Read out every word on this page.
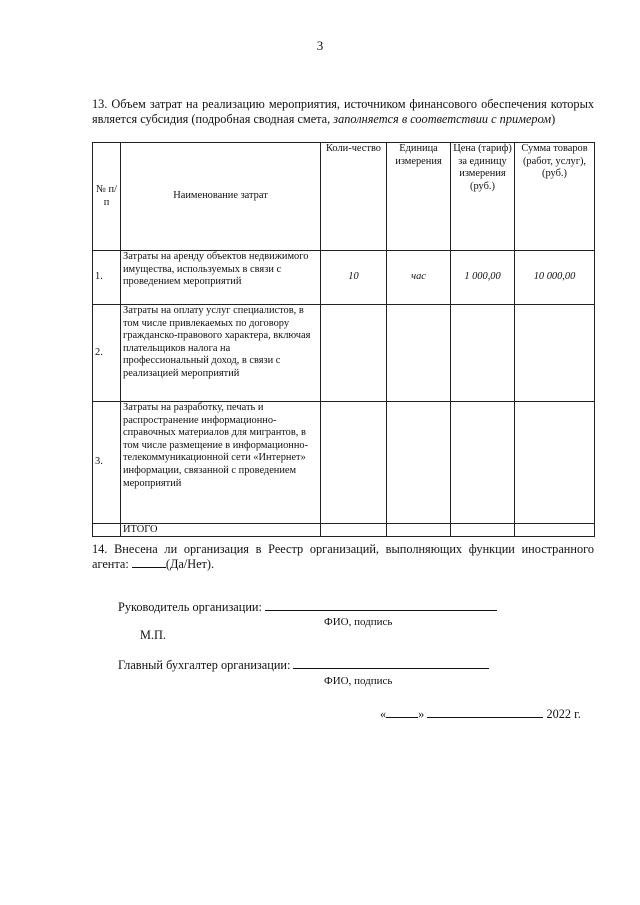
3
13. Объем затрат на реализацию мероприятия, источником финансового обеспечения которых является субсидия (подробная сводная смета, заполняется в соответствии с примером)
№ п/п	Наименование затрат	Коли-чество	Единица измерения	Цена (тариф) за единицу измерения (руб.)	Сумма товаров (работ, услуг), (руб.)
1.	Затраты на аренду объектов недвижимого имущества, используемых в связи с проведением мероприятий	10	час	1 000,00	10 000,00
2.	Затраты на оплату услуг специалистов, в том числе привлекаемых по договору гражданско-правового характера, включая плательщиков налога на профессиональный доход, в связи с реализацией мероприятий				
3.	Затраты на разработку, печать и распространение информационно-справочных материалов для мигрантов, в том числе размещение в информационно-телекоммуникационной сети «Интернет» информации, связанной с проведением мероприятий				
	ИТОГО				
14. Внесена ли организация в Реестр организаций, выполняющих функции иностранного агента:	(Да/Нет).
Руководитель организации:
ФИО, подпись
М.П.
Главный бухгалтер организации:
ФИО, подпись
«	»	2022 г.
